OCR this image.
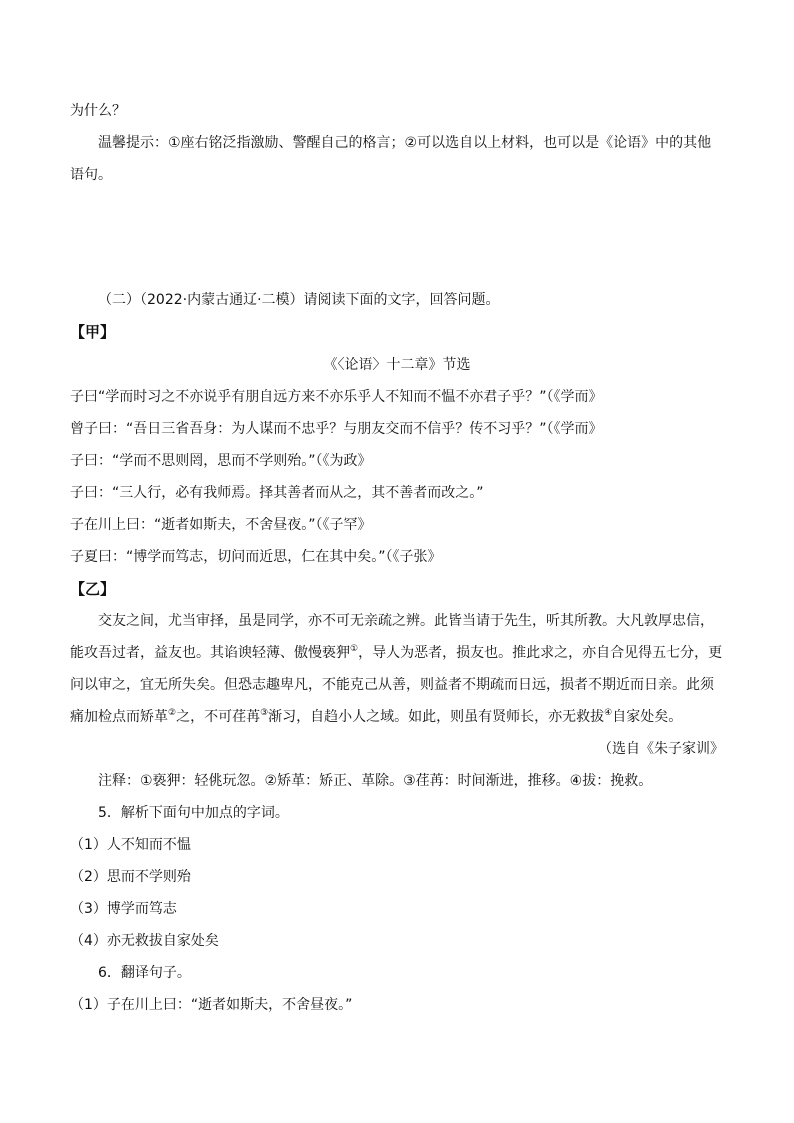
为什么？
温馨提示：①座右铭泛指激励、警醒自己的格言；②可以选自以上材料，也可以是《论语》中的其他
语句。
（二）（2022·内蒙古通辽·二模）请阅读下面的文字，回答问题。
【甲】
《〈论语〉十二章》节选
子曰“学而时习之不亦说乎有朋自远方来不亦乐乎人不知而不愠不亦君子乎？”（《学而》
曾子曰：“吾日三省吾身：为人谋而不忠乎？与朋友交而不信乎？传不习乎？”（《学而》
子曰：“学而不思则罔，思而不学则殆。”（《为政》
子曰：“三人行，必有我师焉。择其善者而从之，其不善者而改之。”
子在川上曰：“逝者如斯夫，不舍昼夜。”（《子罕》
子夏曰：“博学而笃志，切问而近思，仁在其中矣。”（《子张》
【乙】
交友之间，尤当审择，虽是同学，亦不可无亲疏之辨。此皆当请于先生，听其所教。大凡敦厚忠信，
能攻吾过者，益友也。其谄谀轻薄、傲慢亵狎①，导人为恶者，损友也。推此求之，亦自合见得五七分，更
问以审之，宜无所失矣。但恐志趣卑凡，不能克己从善，则益者不期疏而日远，损者不期近而日亲。此须
痛加检点而矫革②之，不可荏苒③渐习，自趋小人之域。如此，则虽有贤师长，亦无救拔④自家处矣。
（选自《朱子家训》
注释：①亵狎：轻佻玩忽。②矫革：矫正、革除。③荏苒：时间渐进，推移。④拔：挽救。
5．解析下面句中加点的字词。
（1）人不知而不愠
（2）思而不学则殆
（3）博学而笃志
（4）亦无救拔自家处矣
6．翻译句子。
（1）子在川上曰：“逝者如斯夫，不舍昼夜。”
